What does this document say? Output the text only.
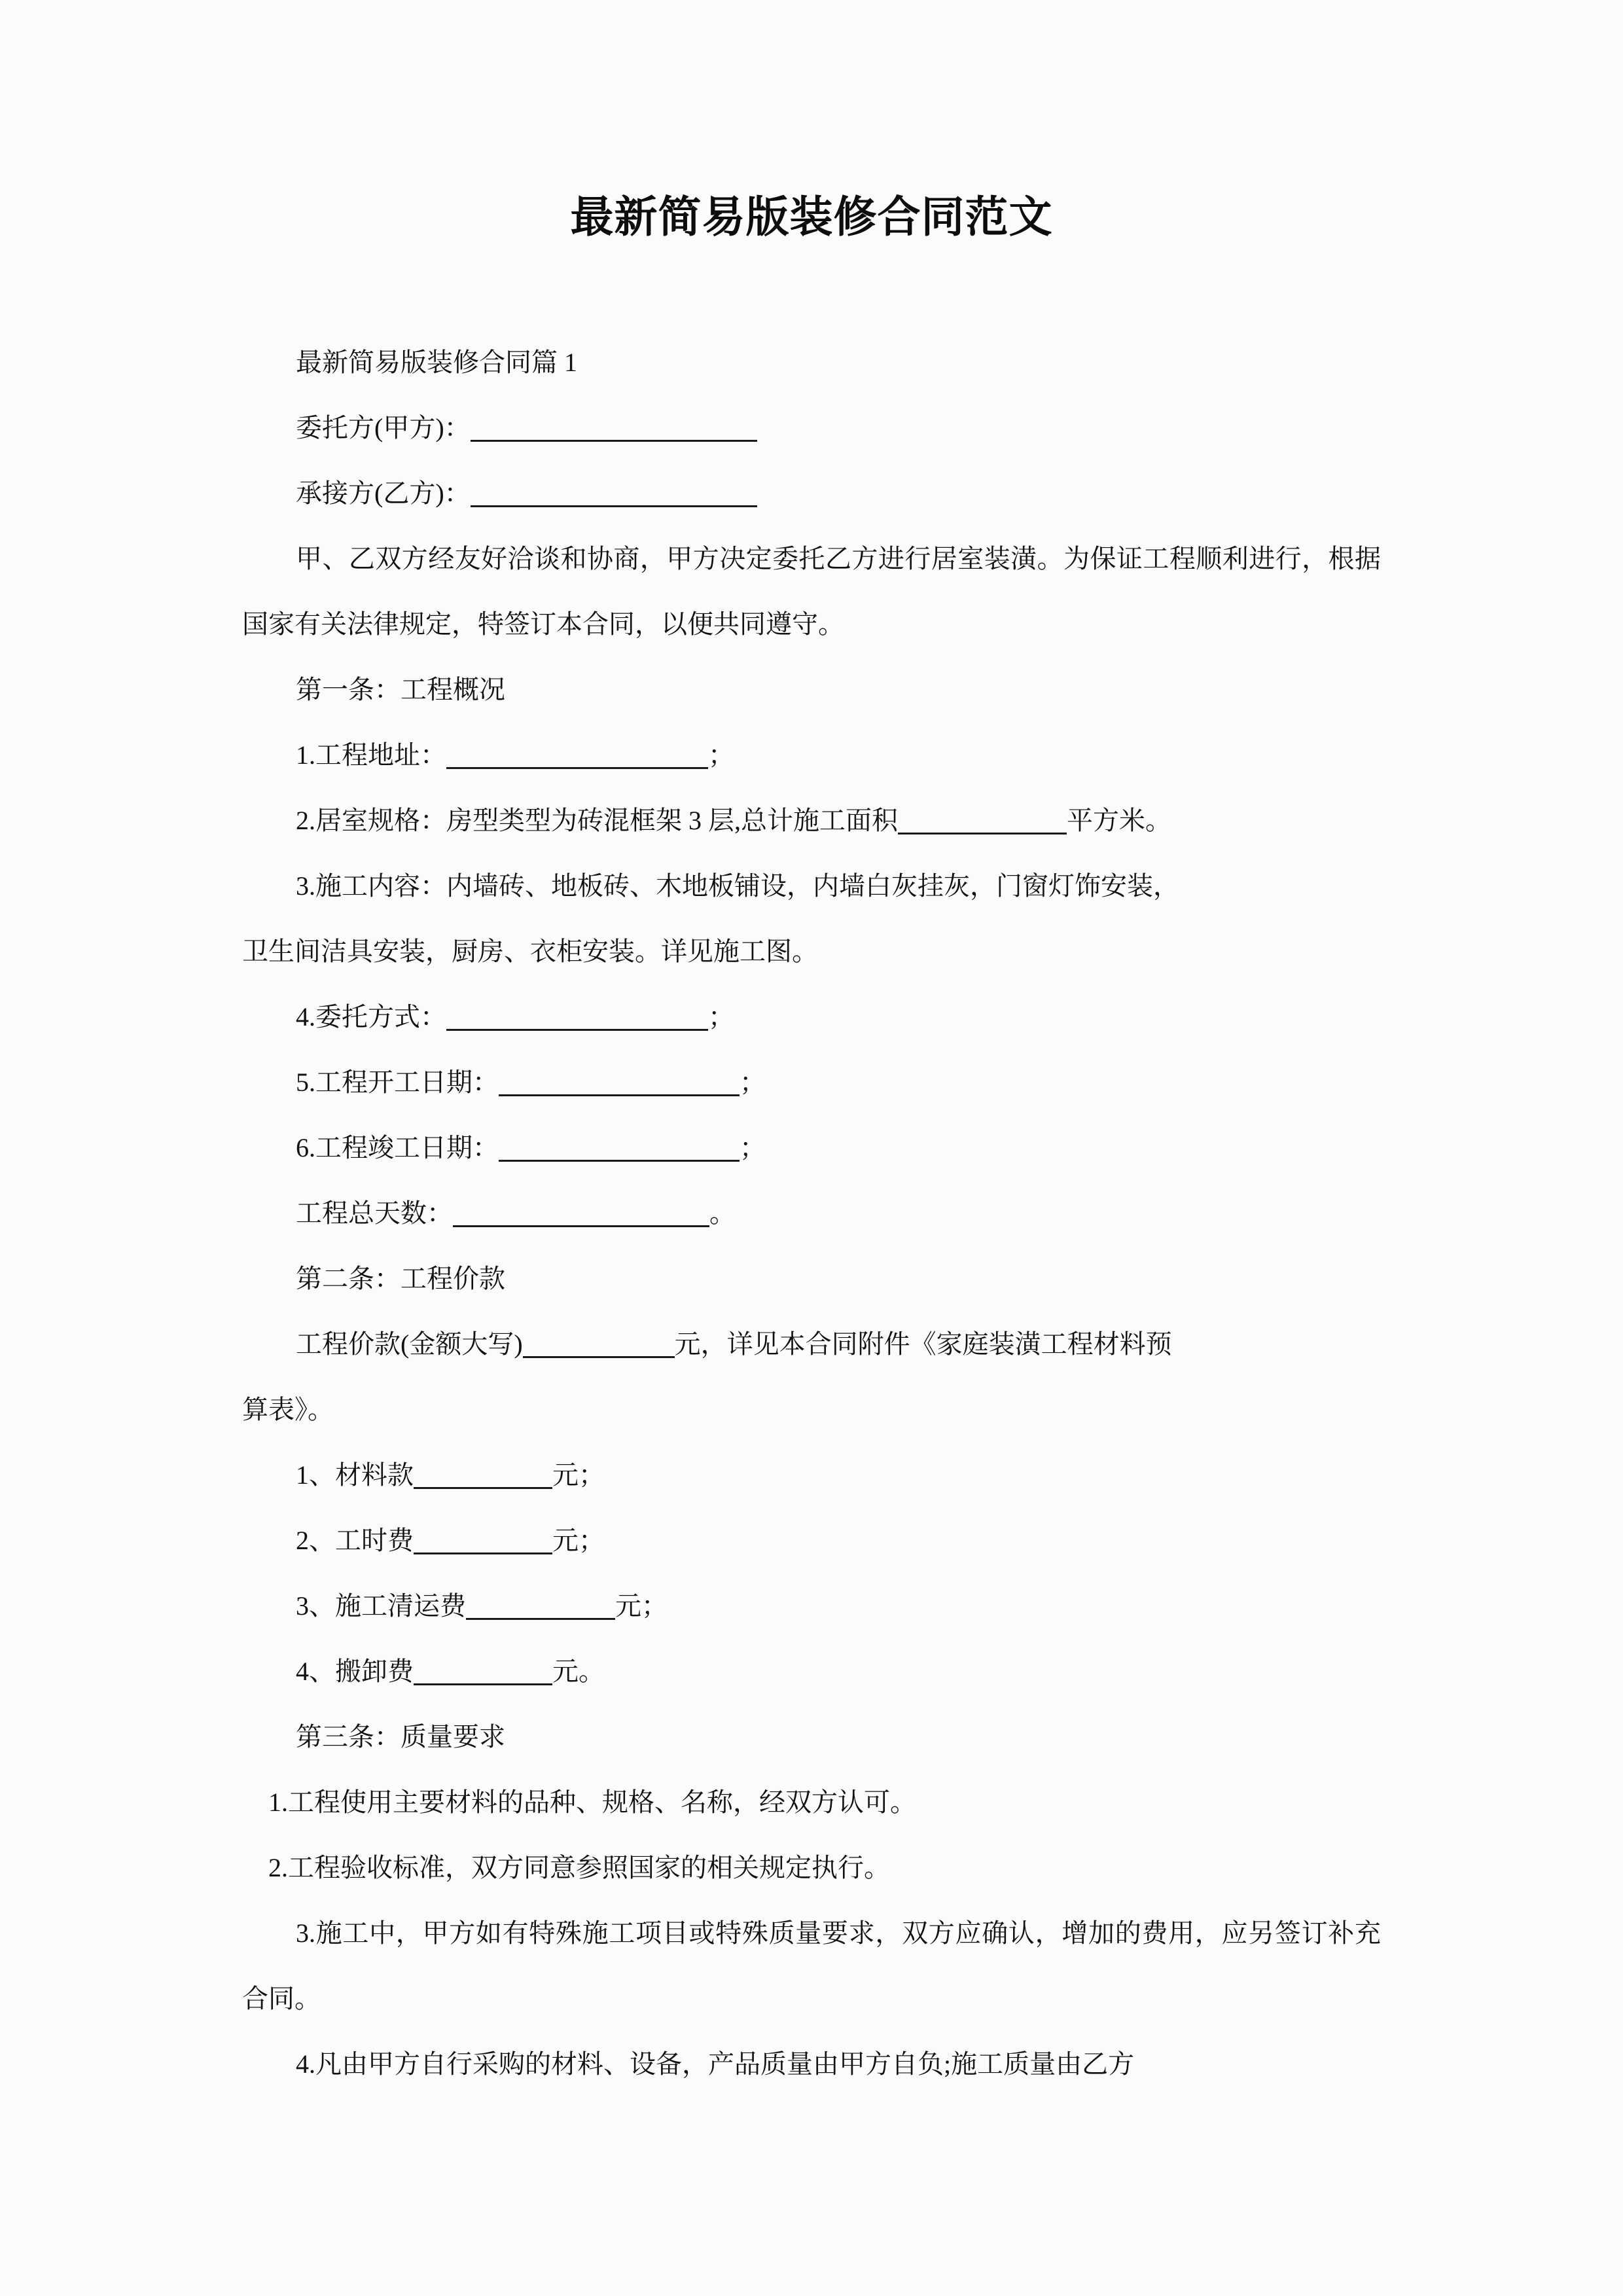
最新简易版装修合同范文

最新简易版装修合同篇 1

委托方(甲方)：

承接方(乙方)：

甲、乙双方经友好洽谈和协商，甲方决定委托乙方进行居室装潢。为保证工程顺利进行，根据国家有关法律规定，特签订本合同，以便共同遵守。

第一条：工程概况

1.工程地址：	；

2.居室规格：房型类型为砖混框架 3 层,总计施工面积	平方米。

3.施工内容：内墙砖、地板砖、木地板铺设，内墙白灰挂灰，门窗灯饰安装，

卫生间洁具安装，厨房、衣柜安装。详见施工图。

4.委托方式：	；

5.工程开工日期：	；

6.工程竣工日期：	；

工程总天数：	。

第二条：工程价款

工程价款(金额大写)	元，详见本合同附件《家庭装潢工程材料预

算表》。

1、材料款	元；

2、工时费	元；

3、施工清运费	元；

4、搬卸费	元。

第三条：质量要求

1.工程使用主要材料的品种、规格、名称，经双方认可。

2.工程验收标准，双方同意参照国家的相关规定执行。

3.施工中，甲方如有特殊施工项目或特殊质量要求，双方应确认，增加的费用，应另签订补充合同。

4.凡由甲方自行采购的材料、设备，产品质量由甲方自负;施工质量由乙方
